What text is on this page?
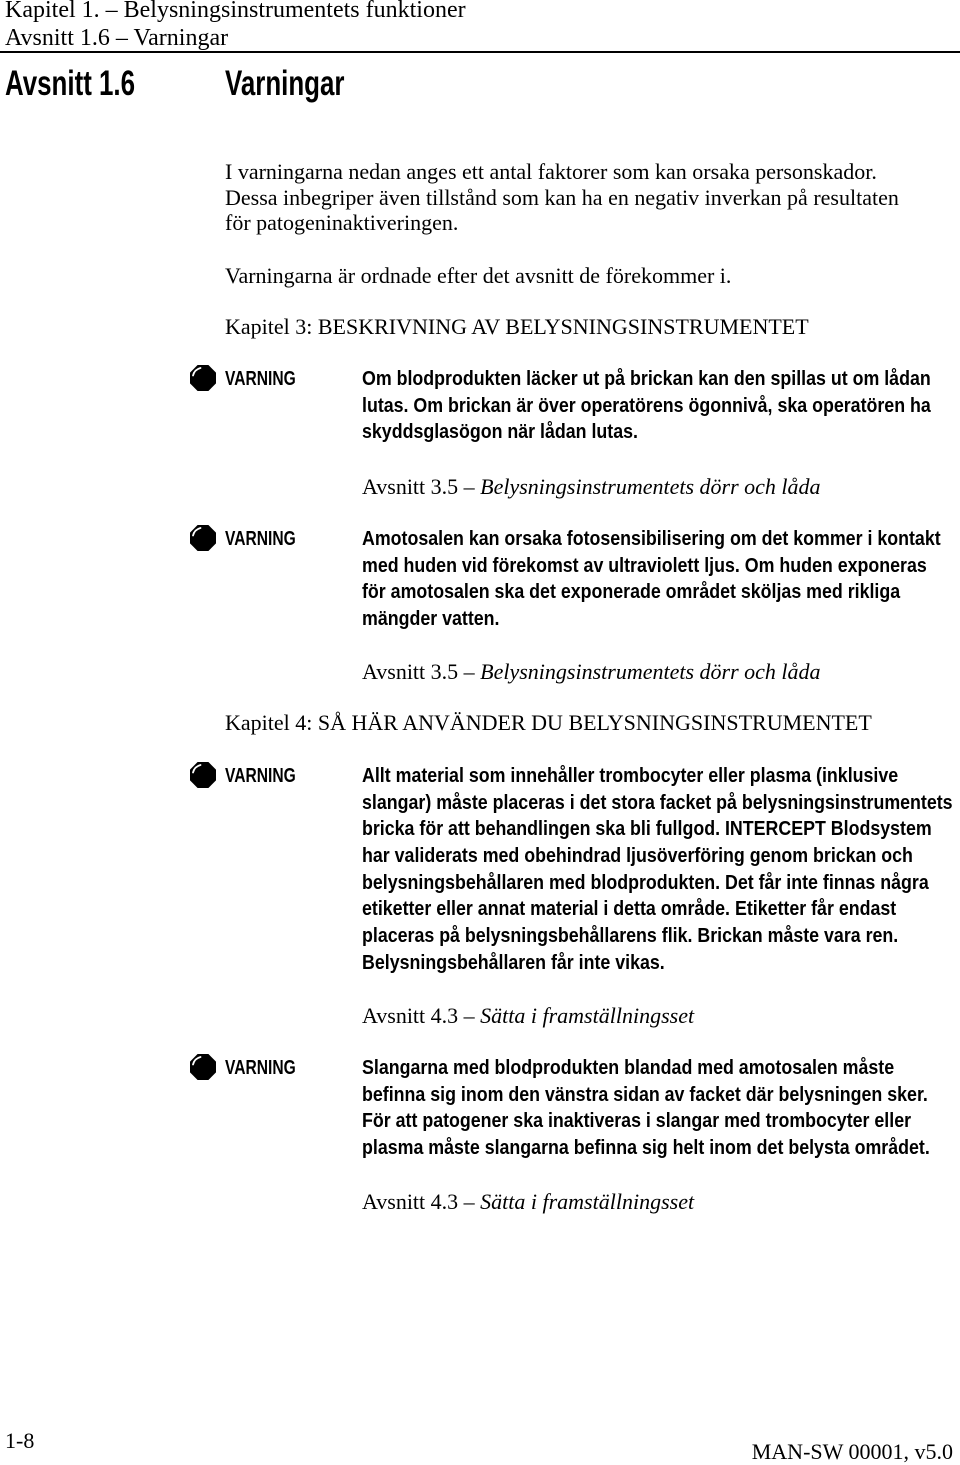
Kapitel 1. – Belysningsinstrumentets funktioner
Avsnitt 1.6 – Varningar
Avsnitt 1.6	Varningar
I varningarna nedan anges ett antal faktorer som kan orsaka personskador.
Dessa inbegriper även tillstånd som kan ha en negativ inverkan på resultaten
för patogeninaktiveringen.
Varningarna är ordnade efter det avsnitt de förekommer i.
Kapitel 3: BESKRIVNING AV BELYSNINGSINSTRUMENTET
VARNING	Om blodprodukten läcker ut på brickan kan den spillas ut om lådan
lutas. Om brickan är över operatörens ögonnivå, ska operatören ha
skyddsglasögon när lådan lutas.
Avsnitt 3.5 – Belysningsinstrumentets dörr och låda
VARNING	Amotosalen kan orsaka fotosensibilisering om det kommer i kontakt
med huden vid förekomst av ultraviolett ljus. Om huden exponeras
för amotosalen ska det exponerade området sköljas med rikliga
mängder vatten.
Avsnitt 3.5 – Belysningsinstrumentets dörr och låda
Kapitel 4: SÅ HÄR ANVÄNDER DU BELYSNINGSINSTRUMENTET
VARNING	Allt material som innehåller trombocyter eller plasma (inklusive
slangar) måste placeras i det stora facket på belysningsinstrumentets
bricka för att behandlingen ska bli fullgod. INTERCEPT Blodsystem
har validerats med obehindrad ljusöverföring genom brickan och
belysningsbehållaren med blodprodukten. Det får inte finnas några
etiketter eller annat material i detta område. Etiketter får endast
placeras på belysningsbehållarens flik. Brickan måste vara ren.
Belysningsbehållaren får inte vikas.
Avsnitt 4.3 – Sätta i framställningsset
VARNING	Slangarna med blodprodukten blandad med amotosalen måste
befinna sig inom den vänstra sidan av facket där belysningen sker.
För att patogener ska inaktiveras i slangar med trombocyter eller
plasma måste slangarna befinna sig helt inom det belysta området.
Avsnitt 4.3 – Sätta i framställningsset
1-8	MAN-SW 00001, v5.0
